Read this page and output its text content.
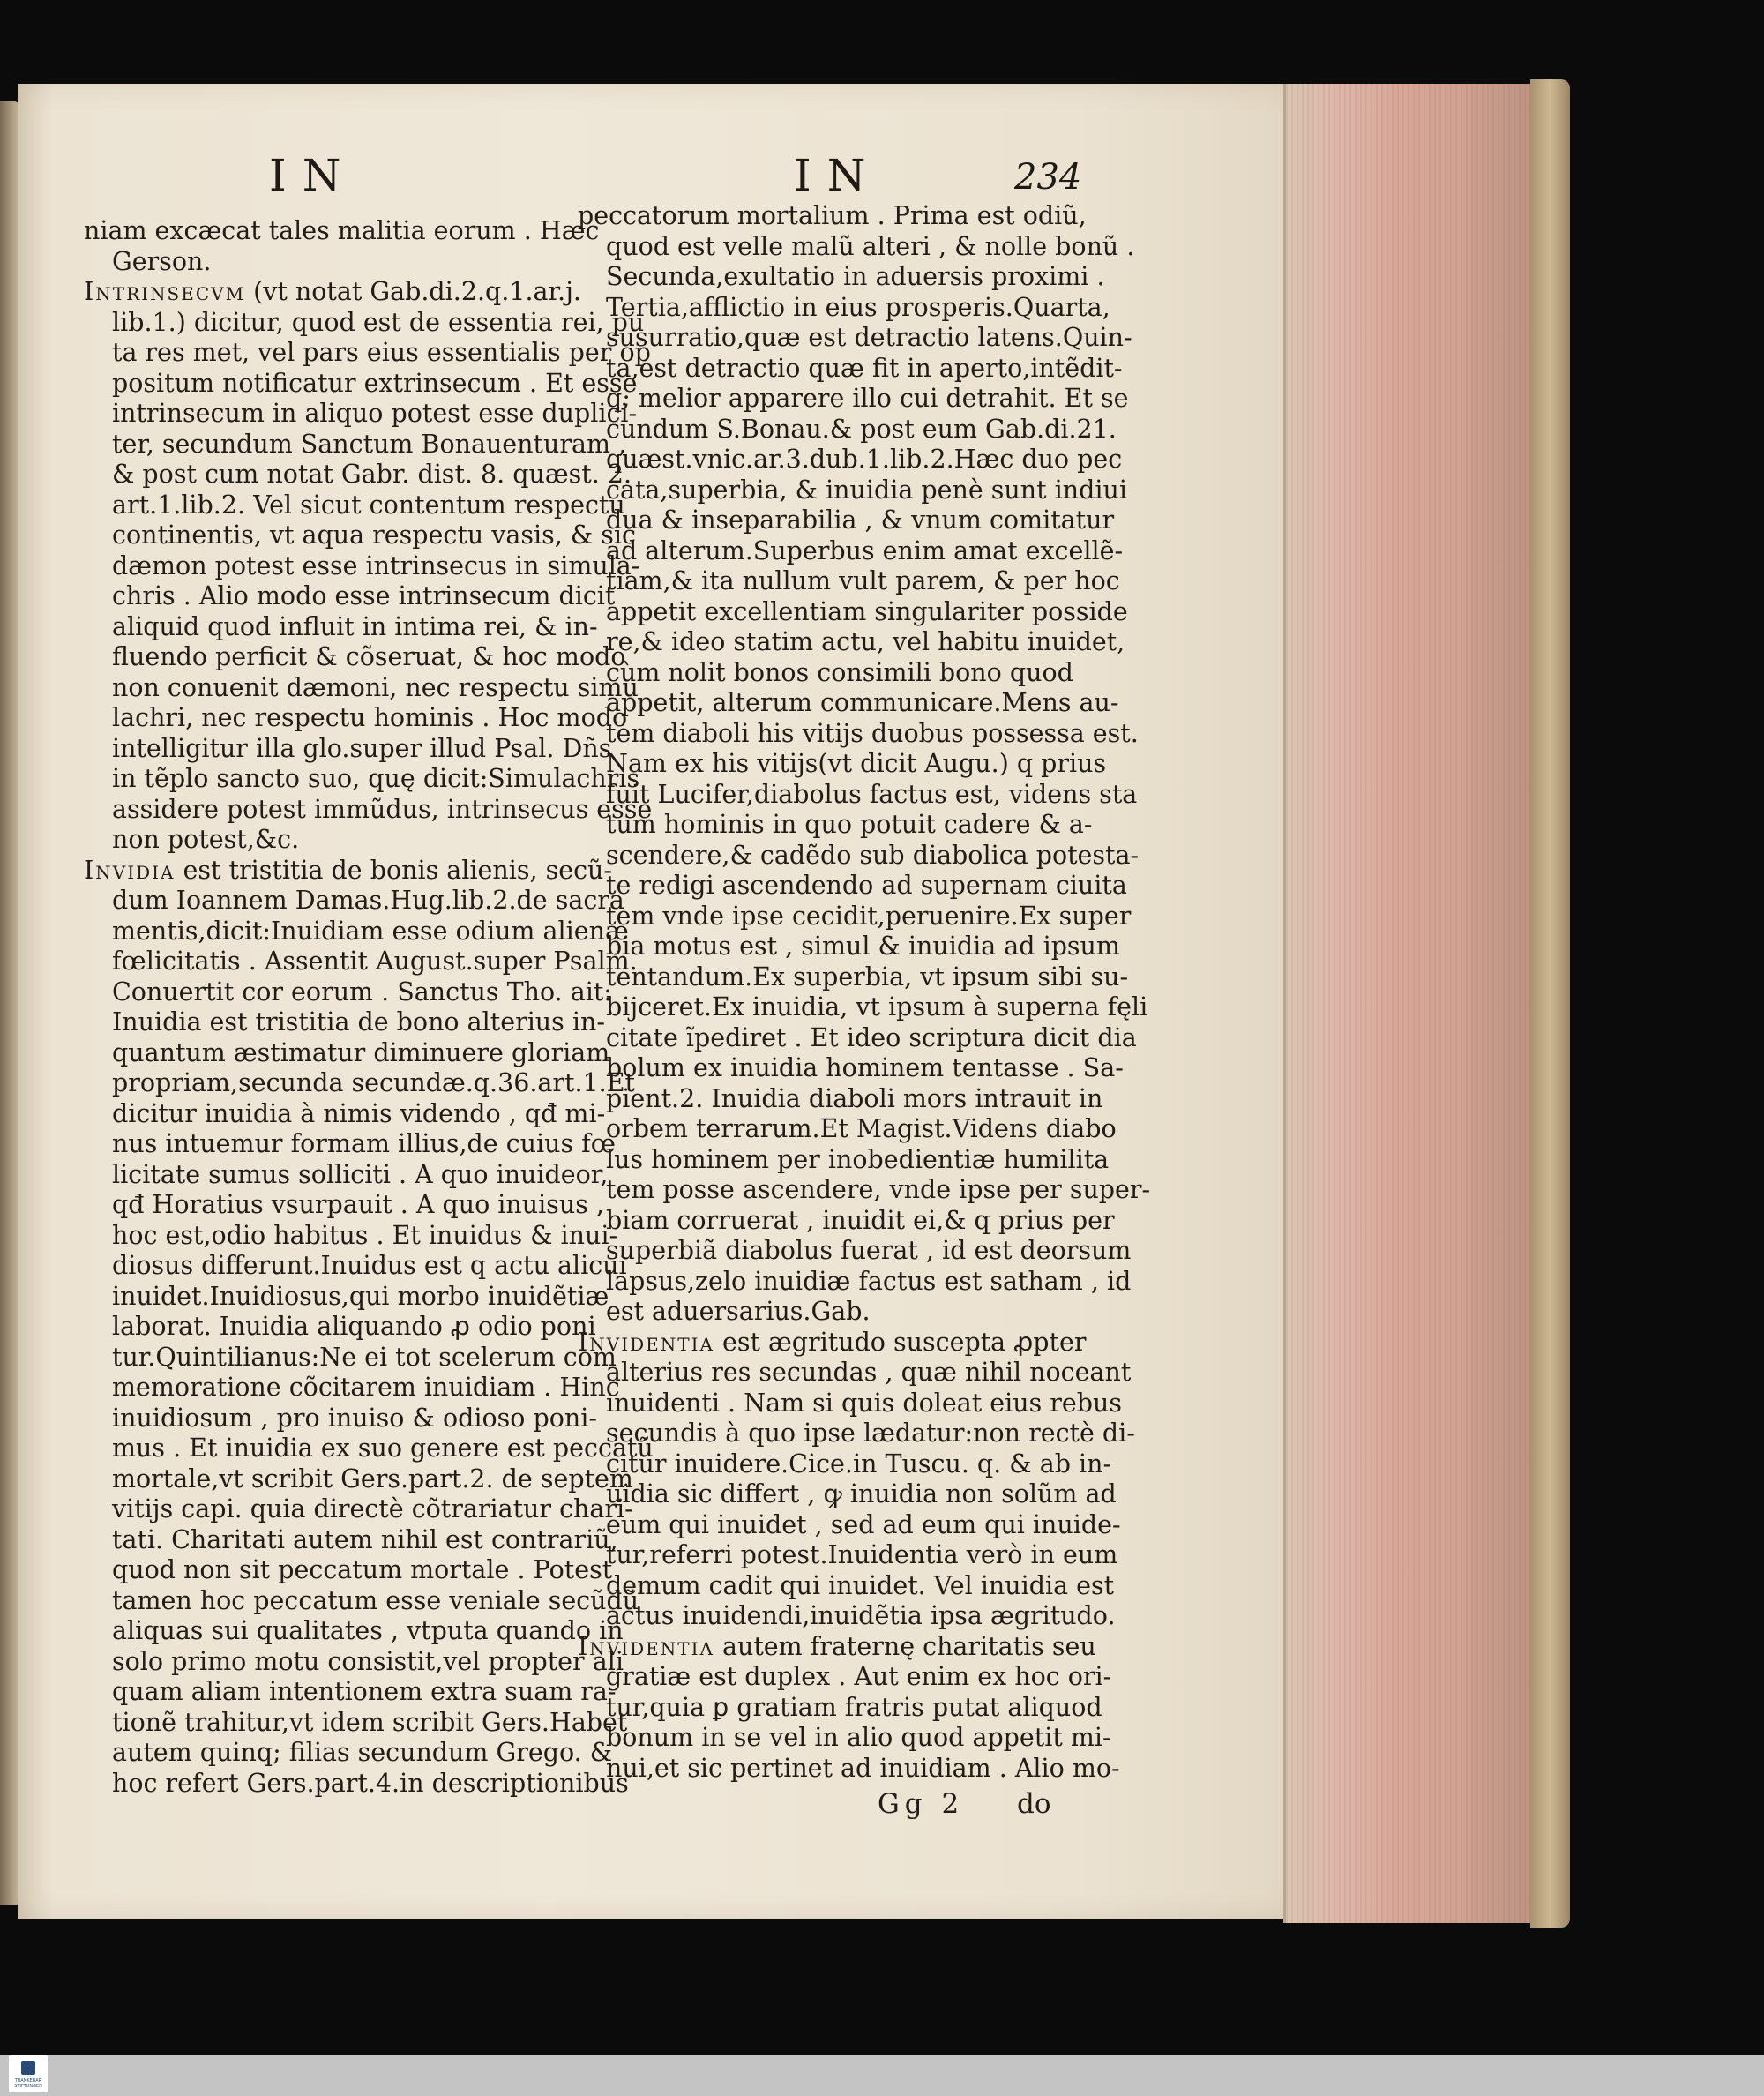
IN	IN	234
niam excæcat tales malitia eorum . Hæc
Gerson.
Intrinsecvm (vt notat Gab.di.2.q.1.ar.j.
lib.1.) dicitur, quod est de essentia rei, pu
ta res met, vel pars eius essentialis per op
positum notificatur extrinsecum . Et esse
intrinsecum in aliquo potest esse duplici-
ter, secundum Sanctum Bonauenturam ,
& post cum notat Gabr. dist. 8. quæst. 2.
art.1.lib.2. Vel sicut contentum respectu
continentis, vt aqua respectu vasis, & sic
dæmon potest esse intrinsecus in simula-
chris . Alio modo esse intrinsecum dicit
aliquid quod influit in intima rei, & in-
fluendo perficit & cõseruat, & hoc modo
non conuenit dæmoni, nec respectu simu
lachri, nec respectu hominis . Hoc modo
intelligitur illa glo.super illud Psal. Dñs
in tẽplo sancto suo, quę dicit:Simulachris
assidere potest immũdus, intrinsecus esse
non potest,&c.
Invidia est tristitia de bonis alienis, secũ-
dum Ioannem Damas.Hug.lib.2.de sacra
mentis,dicit:Inuidiam esse odium alienæ
fœlicitatis . Assentit August.super Psalm.
Conuertit cor eorum . Sanctus Tho. ait:
Inuidia est tristitia de bono alterius in-
quantum æstimatur diminuere gloriam
propriam,secunda secundæ.q.36.art.1.Et
dicitur inuidia à nimis videndo , qđ mi-
nus intuemur formam illius,de cuius fœ
licitate sumus solliciti . A quo inuideor,
qđ Horatius vsurpauit . A quo inuisus ,
hoc est,odio habitus . Et inuidus & inui-
diosus differunt.Inuidus est q actu alicui
inuidet.Inuidiosus,qui morbo inuidẽtiæ
laborat. Inuidia aliquando ꝓ odio poni
tur.Quintilianus:Ne ei tot scelerum com
memoratione cõcitarem inuidiam . Hinc
inuidiosum , pro inuiso & odioso poni-
mus . Et inuidia ex suo genere est peccatũ
mortale,vt scribit Gers.part.2. de septem
vitijs capi. quia directè cõtrariatur chari-
tati. Charitati autem nihil est contrariũ,
quod non sit peccatum mortale . Potest
tamen hoc peccatum esse veniale secũdũ
aliquas sui qualitates , vtputa quando in
solo primo motu consistit,vel propter ali
quam aliam intentionem extra suam ra-
tionẽ trahitur,vt idem scribit Gers.Habet
autem quinq; filias secundum Grego. &
hoc refert Gers.part.4.in descriptionibus
peccatorum mortalium . Prima est odiũ,
quod est velle malũ alteri , & nolle bonũ .
Secunda,exultatio in aduersis proximi .
Tertia,afflictio in eius prosperis.Quarta,
susurratio,quæ est detractio latens.Quin-
ta,est detractio quæ fit in aperto,intẽdit-
q; melior apparere illo cui detrahit. Et se
cundum S.Bonau.& post eum Gab.di.21.
quæst.vnic.ar.3.dub.1.lib.2.Hæc duo pec
cata,superbia, & inuidia penè sunt indiui
dua & inseparabilia , & vnum comitatur
ad alterum.Superbus enim amat excellẽ-
tiam,& ita nullum vult parem, & per hoc
appetit excellentiam singulariter posside
re,& ideo statim actu, vel habitu inuidet,
cùm nolit bonos consimili bono quod
appetit, alterum communicare.Mens au-
tem diaboli his vitijs duobus possessa est.
Nam ex his vitijs(vt dicit Augu.) q prius
fuit Lucifer,diabolus factus est, videns sta
tum hominis in quo potuit cadere & a-
scendere,& cadẽdo sub diabolica potesta-
te redigi ascendendo ad supernam ciuita
tem vnde ipse cecidit,peruenire.Ex super
bia motus est , simul & inuidia ad ipsum
tentandum.Ex superbia, vt ipsum sibi su-
bijceret.Ex inuidia, vt ipsum à superna fęli
citate ĩpediret . Et ideo scriptura dicit dia
bolum ex inuidia hominem tentasse . Sa-
pient.2. Inuidia diaboli mors intrauit in
orbem terrarum.Et Magist.Videns diabo
lus hominem per inobedientiæ humilita
tem posse ascendere, vnde ipse per super-
biam corruerat , inuidit ei,& q prius per
superbiã diabolus fuerat , id est deorsum
lapsus,zelo inuidiæ factus est satham , id
est aduersarius.Gab.
Invidentia est ægritudo suscepta ꝓpter
alterius res secundas , quæ nihil noceant
inuidenti . Nam si quis doleat eius rebus
secundis à quo ipse lædatur:non rectè di-
citur inuidere.Cice.in Tuscu. q. & ab in-
uidia sic differt , ꝙ inuidia non solũm ad
eum qui inuidet , sed ad eum qui inuide-
tur,referri potest.Inuidentia verò in eum
demum cadit qui inuidet. Vel inuidia est
actus inuidendi,inuidẽtia ipsa ægritudo.
Invidentia autem fraternę charitatis seu
gratiæ est duplex . Aut enim ex hoc ori-
tur,quia ꝑ gratiam fratris putat aliquod
bonum in se vel in alio quod appetit mi-
nui,et sic pertinet ad inuidiam . Alio mo-
Gg 2 do
TRANKEBAR STIFTUNGEN
